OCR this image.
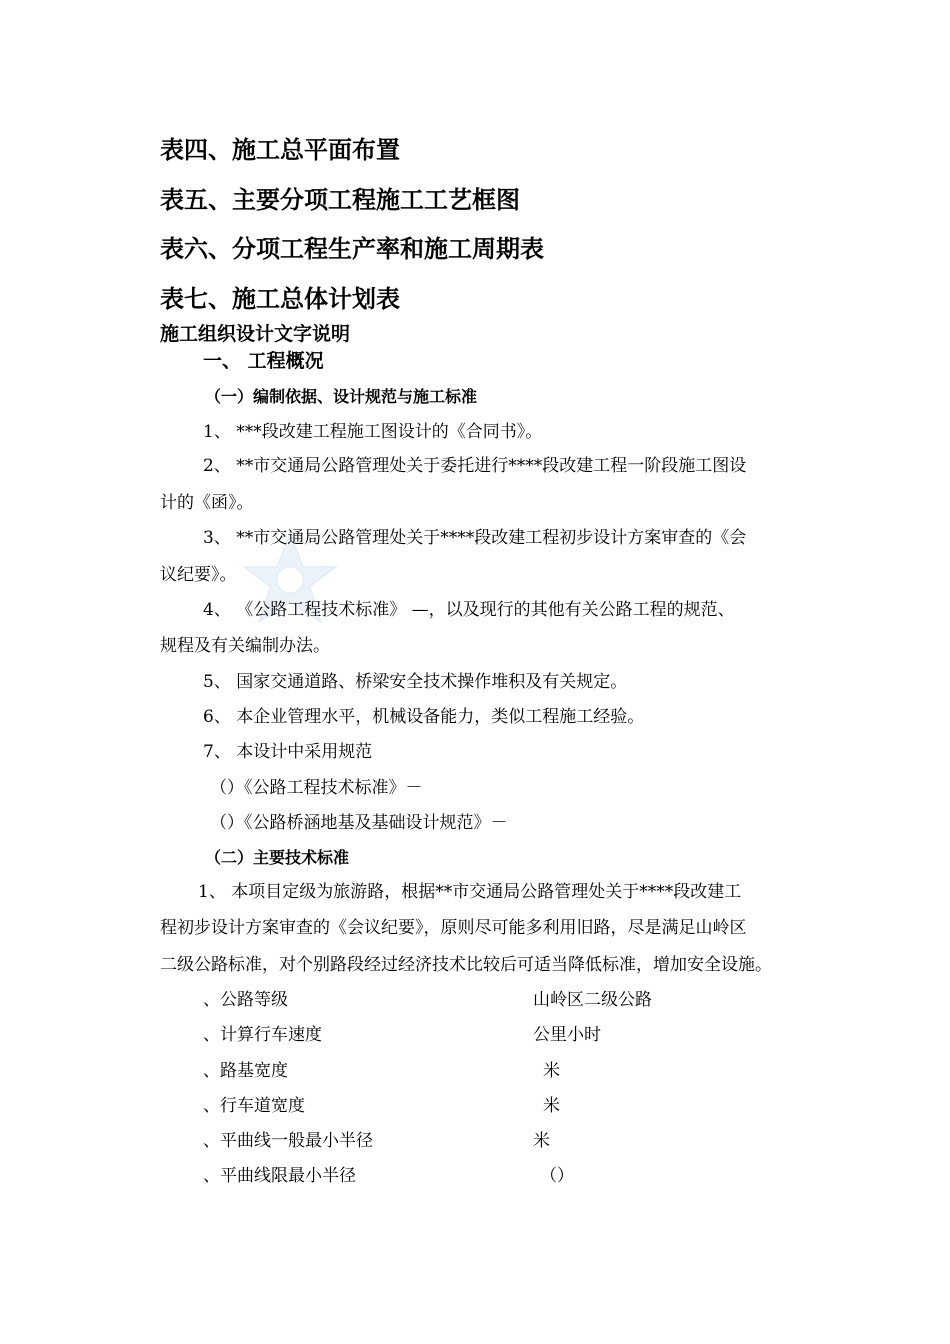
表四、施工总平面布置
表五、主要分项工程施工工艺框图
表六、分项工程生产率和施工周期表
表七、施工总体计划表
施工组织设计文字说明
一、 工程概况
（一）编制依据、设计规范与施工标准
1、 ***段改建工程施工图设计的《合同书》。
2、 **市交通局公路管理处关于委托进行****段改建工程一阶段施工图设
计的《函》。
3、 **市交通局公路管理处关于****段改建工程初步设计方案审查的《会
议纪要》。
4、 《公路工程技术标准》 —，以及现行的其他有关公路工程的规范、
规程及有关编制办法。
5、 国家交通道路、桥梁安全技术操作堆积及有关规定。
6、 本企业管理水平，机械设备能力，类似工程施工经验。
7、 本设计中采用规范
（）《公路工程技术标准》－
（）《公路桥涵地基及基础设计规范》－
（二）主要技术标准
1、 本项目定级为旅游路，根据**市交通局公路管理处关于****段改建工
程初步设计方案审查的《会议纪要》，原则尽可能多利用旧路，尽是满足山岭区
二级公路标准，对个别路段经过经济技术比较后可适当降低标准，增加安全设施。
、公路等级	山岭区二级公路
、计算行车速度	公里小时
、路基宽度	米
、行车道宽度	米
、平曲线一般最小半径	米
、平曲线限最小半径	（）
